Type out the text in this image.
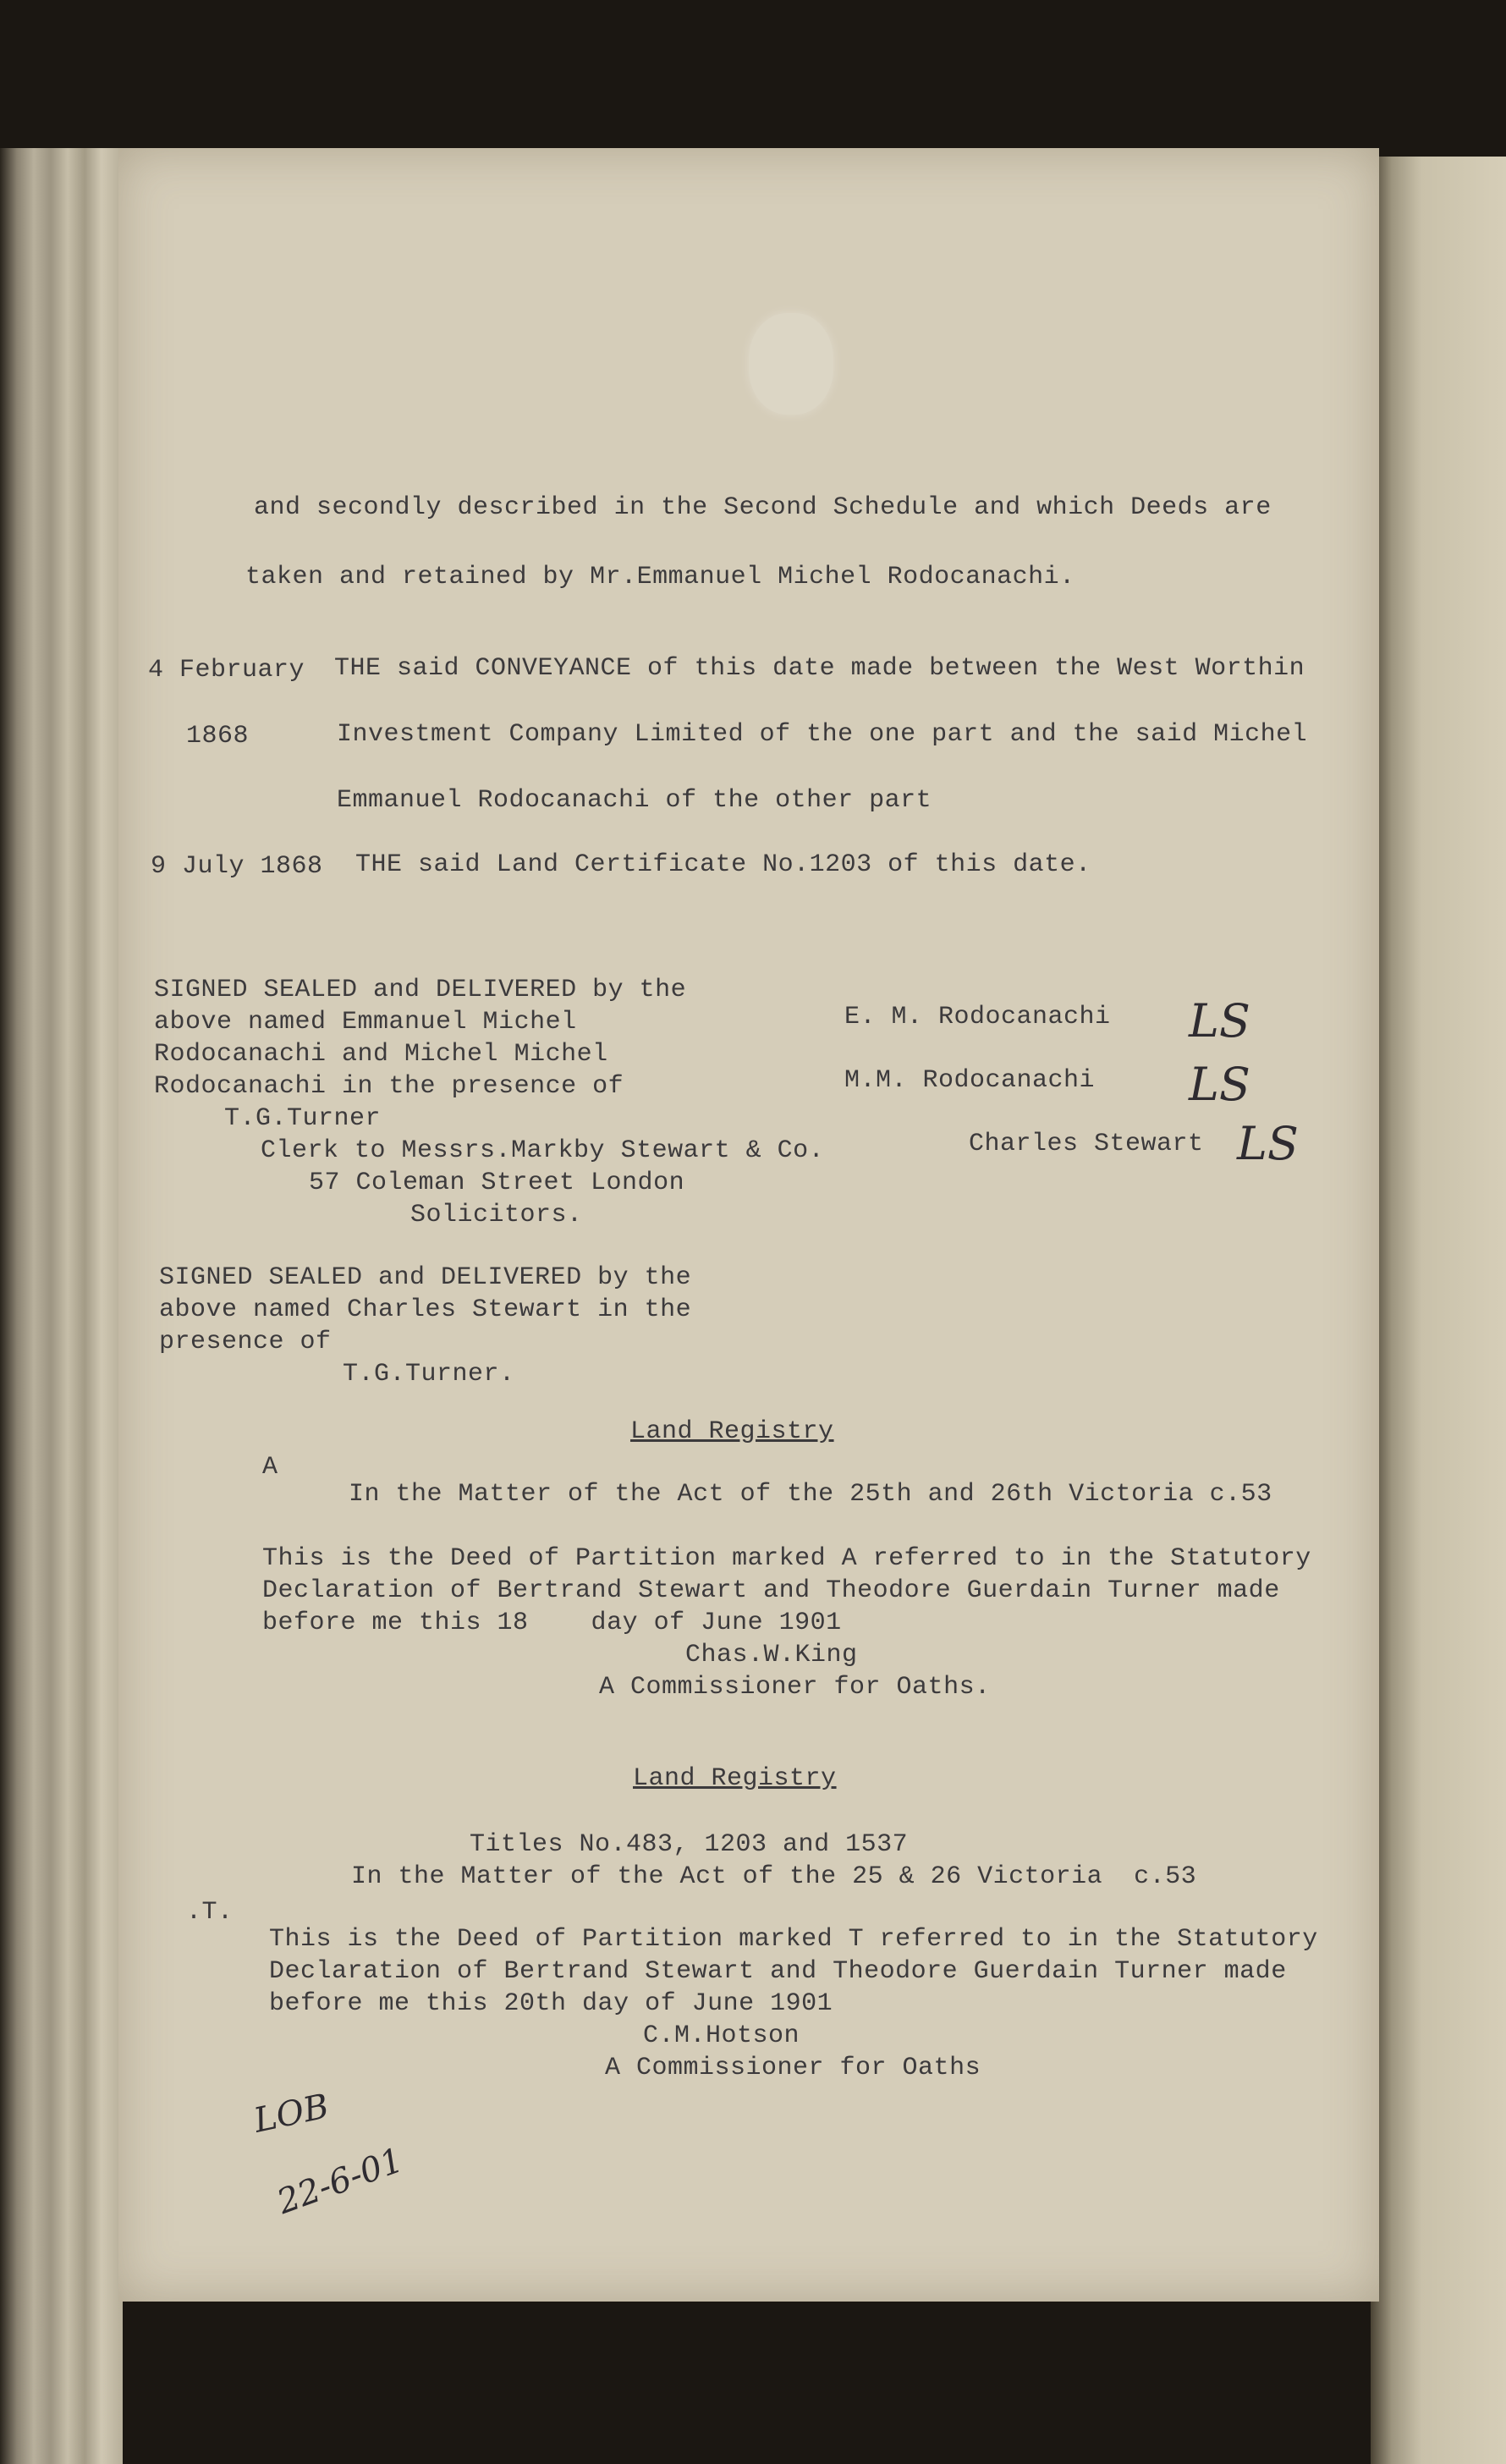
and secondly described in the Second Schedule and which Deeds are
taken and retained by Mr.Emmanuel Michel Rodocanachi.
4 February THE said CONVEYANCE of this date made between the West Worthin
1868	Investment Company Limited of the one part and the said Michel
Emmanuel Rodocanachi of the other part
9 July 1868 THE said Land Certificate No.1203 of this date.
SIGNED SEALED and DELIVERED by the
above named Emmanuel Michel
Rodocanachi and Michel Michel
Rodocanachi in the presence of
T.G.Turner
Clerk to Messrs.Markby Stewart & Co.
57 Coleman Street London
Solicitors.
E. M. Rodocanachi
M.M. Rodocanachi
Charles Stewart
LS
LS
LS
SIGNED SEALED and DELIVERED by the
above named Charles Stewart in the
presence of
T.G.Turner.
Land Registry
A
In the Matter of the Act of the 25th and 26th Victoria c.53
This is the Deed of Partition marked A referred to in the Statutory
Declaration of Bertrand Stewart and Theodore Guerdain Turner made
before me this 18    day of June 1901
Chas.W.King
A Commissioner for Oaths.
Land Registry
Titles No.483, 1203 and 1537
In the Matter of the Act of the 25 & 26 Victoria  c.53
.T.
This is the Deed of Partition marked T referred to in the Statutory
Declaration of Bertrand Stewart and Theodore Guerdain Turner made
before me this 20th day of June 1901
C.M.Hotson
A Commissioner for Oaths
LOB
22-6-01
